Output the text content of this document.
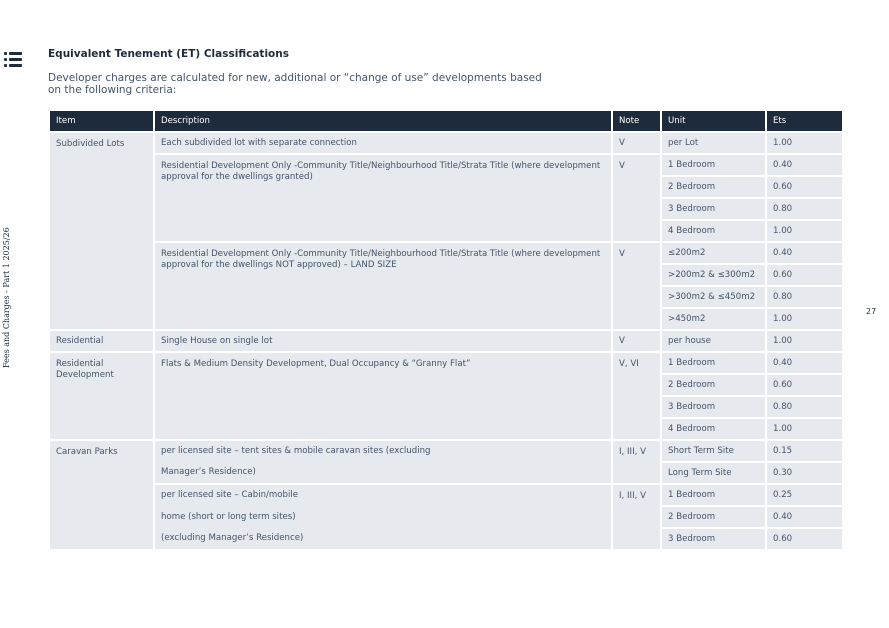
Fees and Charges - Part 1 2025/26	27
Equivalent Tenement (ET) Classifications
Developer charges are calculated for new, additional or “change of use” developments based on the following criteria:
Item	Description	Note	Unit	Ets
Subdivided Lots	Each subdivided lot with separate connection	V	per Lot	1.00
	Residential Development Only -Community Title/Neighbourhood Title/Strata Title (where development approval for the dwellings granted)	V	1 Bedroom	0.40
			2 Bedroom	0.60
			3 Bedroom	0.80
			4 Bedroom	1.00
	Residential Development Only -Community Title/Neighbourhood Title/Strata Title (where development approval for the dwellings NOT approved) – LAND SIZE	V	≤200m2	0.40
			>200m2 & ≤300m2	0.60
			>300m2 & ≤450m2	0.80
			>450m2	1.00
Residential	Single House on single lot	V	per house	1.00
Residential Development	Flats & Medium Density Development, Dual Occupancy & “Granny Flat”	V, VI	1 Bedroom	0.40
			2 Bedroom	0.60
			3 Bedroom	0.80
			4 Bedroom	1.00
Caravan Parks	per licensed site – tent sites & mobile caravan sites (excluding	I, III, V	Short Term Site	0.15
	Manager’s Residence)		Long Term Site	0.30
	per licensed site – Cabin/mobile	I, III, V	1 Bedroom	0.25
	home (short or long term sites)		2 Bedroom	0.40
	(excluding Manager’s Residence)		3 Bedroom	0.60
